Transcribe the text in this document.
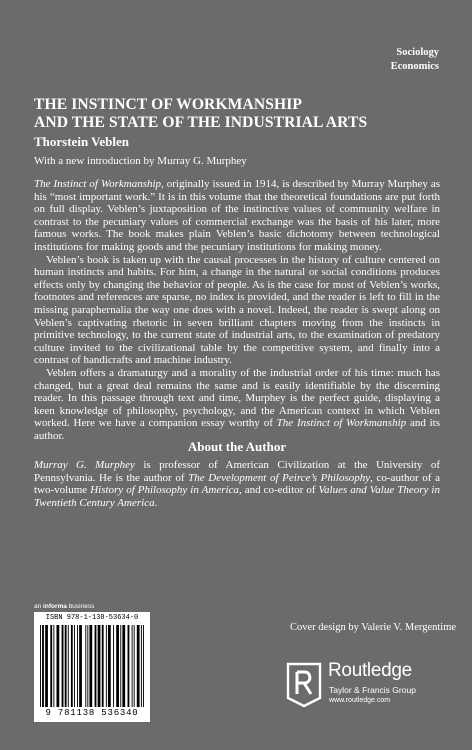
Sociology
Economics
THE INSTINCT OF WORKMANSHIP
AND THE STATE OF THE INDUSTRIAL ARTS
Thorstein Veblen
With a new introduction by Murray G. Murphey

The Instinct of Workmanship, originally issued in 1914, is described by Murray Murphey as his “most important work.” It is in this volume that the theoretical foundations are put forth on full display. Veblen’s juxtaposition of the instinctive values of community welfare in contrast to the pecuniary values of commercial exchange was the basis of his later, more famous works. The book makes plain Veblen’s basic dichotomy between technological institutions for making goods and the pecuniary institutions for making money.

Veblen’s book is taken up with the causal processes in the history of culture centered on human instincts and habits. For him, a change in the natural or social conditions produces effects only by changing the behavior of people. As is the case for most of Veblen’s works, footnotes and references are sparse, no index is provided, and the reader is left to fill in the missing paraphernalia the way one does with a novel. Indeed, the reader is swept along on Veblen’s captivating rhetoric in seven brilliant chapters moving from the instincts in primitive technology, to the current state of industrial arts, to the examination of predatory culture invited to the civilizational table by the competitive system, and finally into a contrast of handicrafts and machine industry.

Veblen offers a dramaturgy and a morality of the industrial order of his time: much has changed, but a great deal remains the same and is easily identifiable by the discerning reader. In this passage through text and time, Murphey is the perfect guide, displaying a keen knowledge of philosophy, psychology, and the American context in which Veblen worked. Here we have a companion essay worthy of The Instinct of Workmanship and its author.

About the Author

Murray G. Murphey is professor of American Civilization at the University of Pennsylvania. He is the author of The Development of Peirce’s Philosophy, co-author of a two-volume History of Philosophy in America, and co-editor of Values and Value Theory in Twentieth Century America.

an informa business
ISBN 978-1-138-53634-0
9 781138 536340
Cover design by Valerie V. Mergentime
Routledge
Taylor & Francis Group
www.routledge.com
